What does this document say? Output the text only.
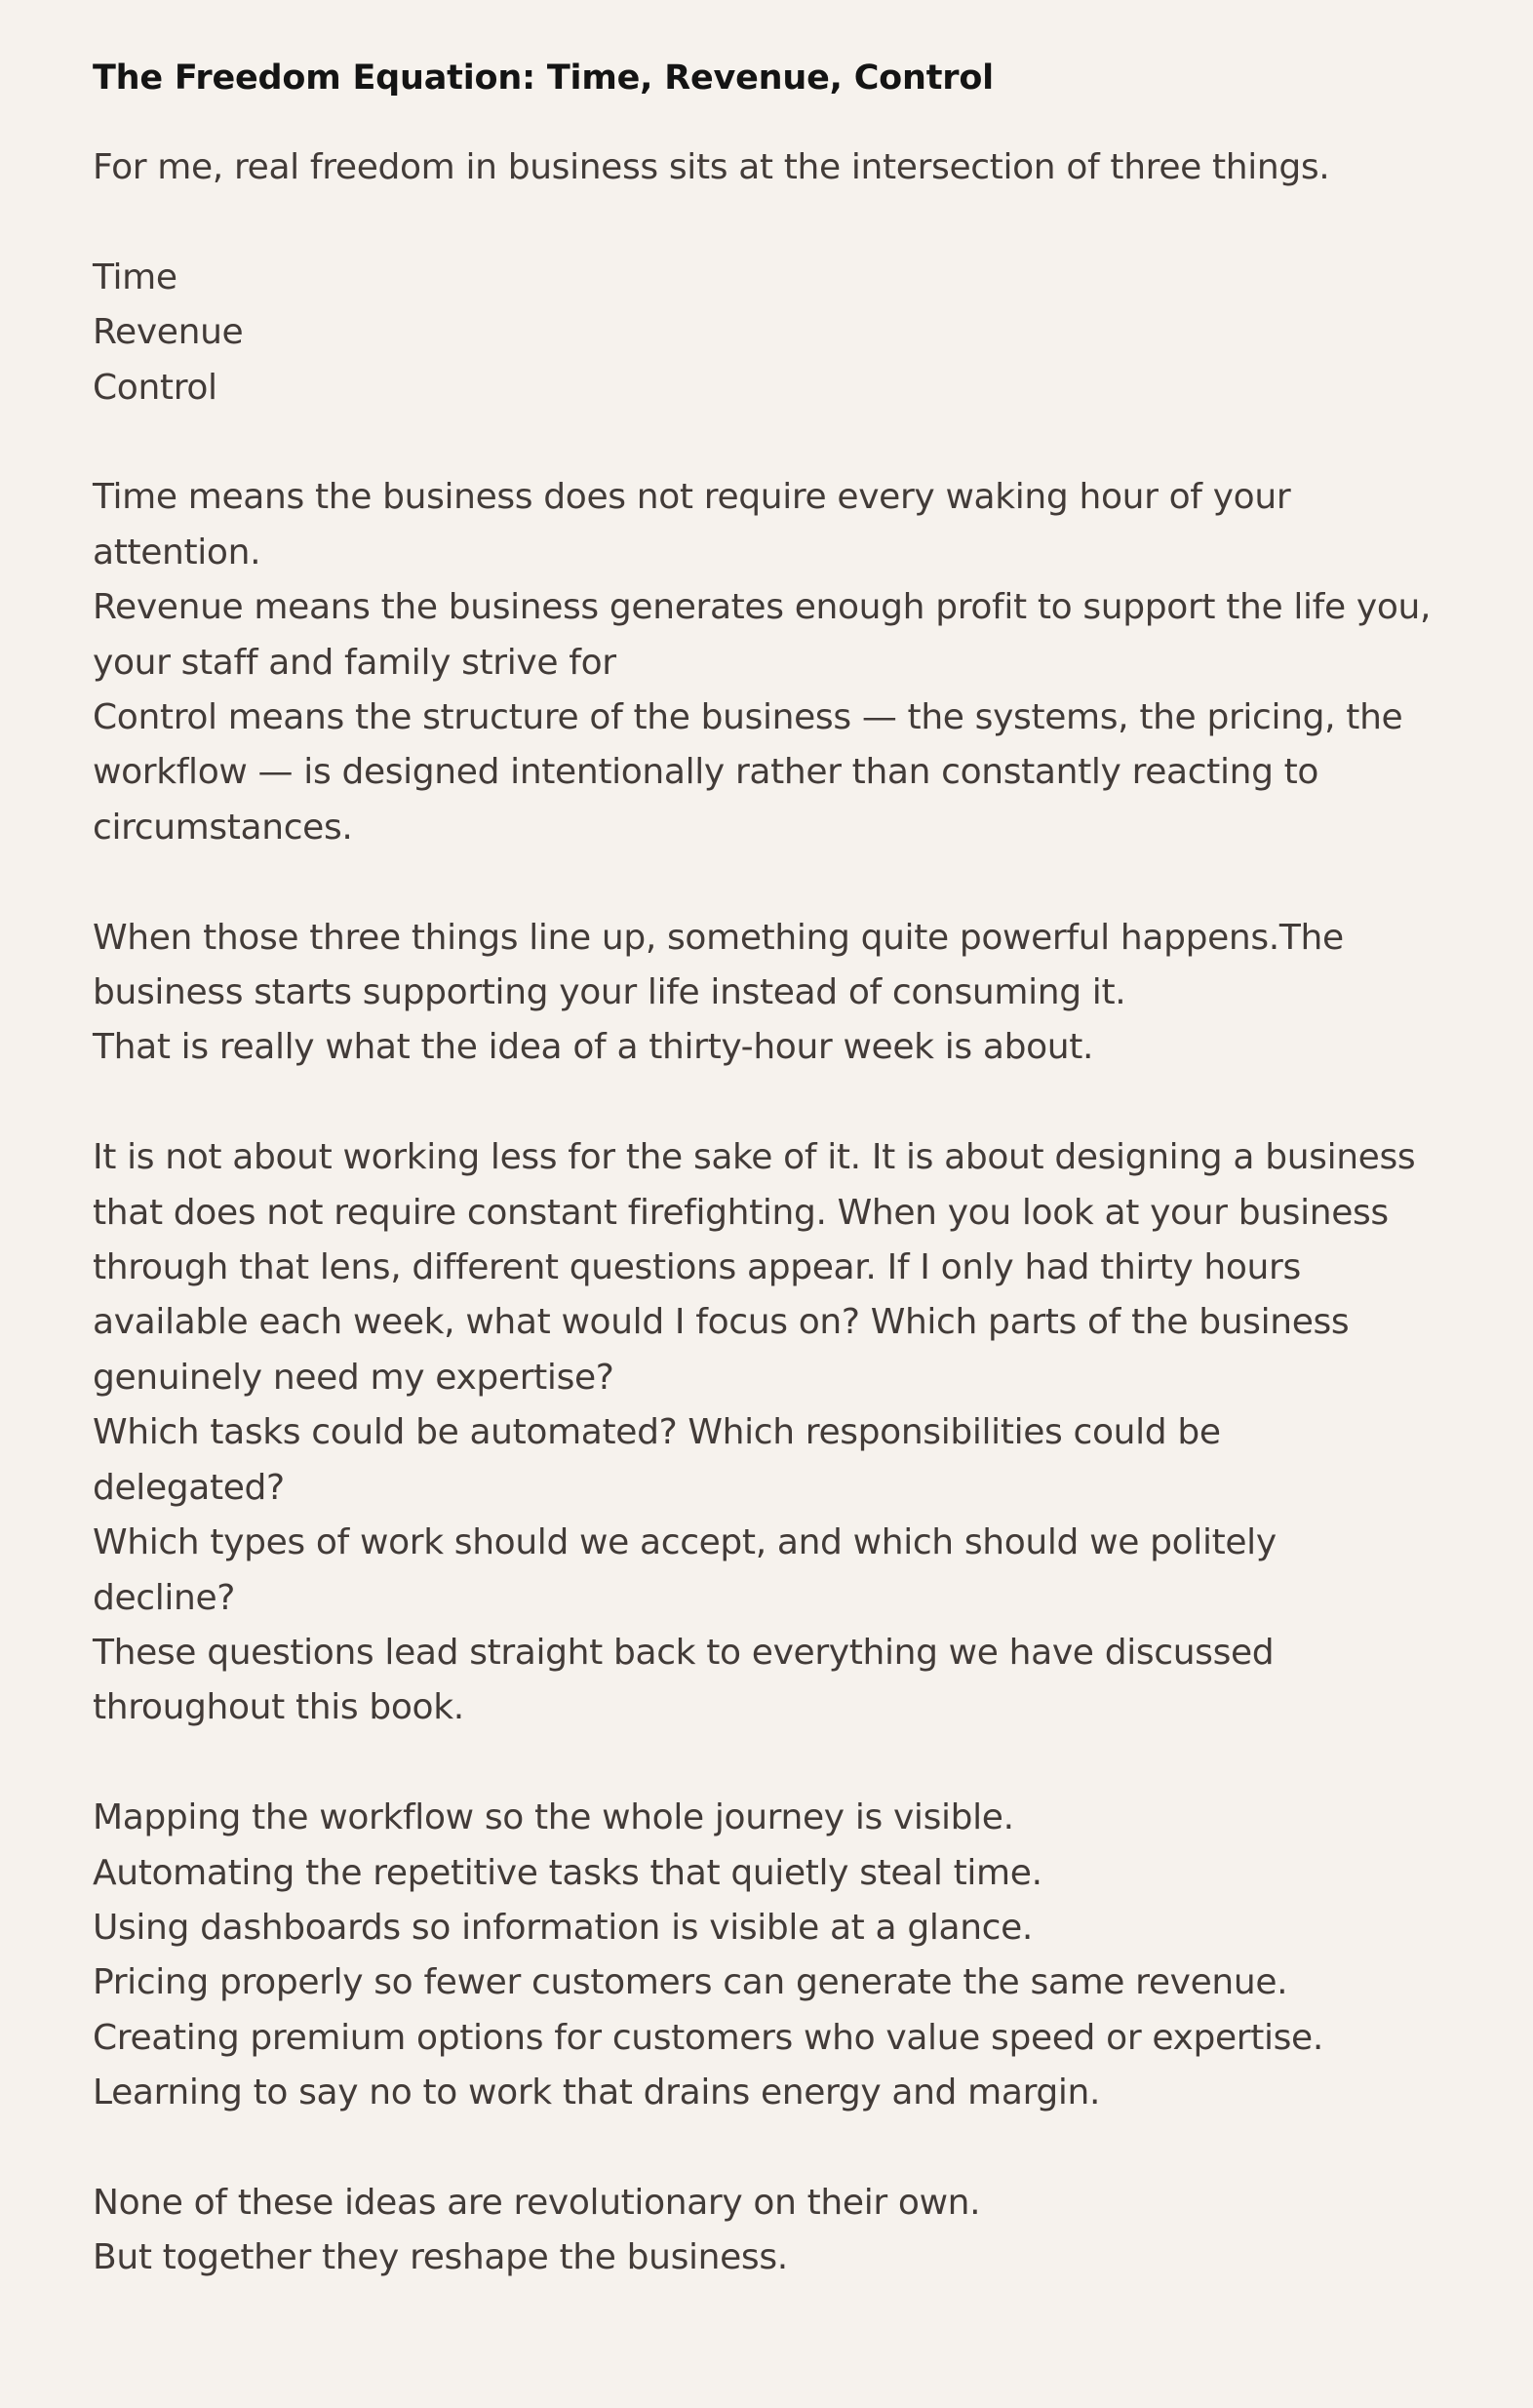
The Freedom Equation: Time, Revenue, Control

For me, real freedom in business sits at the intersection of three things.

Time
Revenue
Control

Time means the business does not require every waking hour of your
attention.
Revenue means the business generates enough profit to support the life you,
your staff and family strive for
Control means the structure of the business — the systems, the pricing, the
workflow — is designed intentionally rather than constantly reacting to
circumstances.

When those three things line up, something quite powerful happens.The
business starts supporting your life instead of consuming it.
That is really what the idea of a thirty-hour week is about.

It is not about working less for the sake of it. It is about designing a business
that does not require constant firefighting. When you look at your business
through that lens, different questions appear. If I only had thirty hours
available each week, what would I focus on? Which parts of the business
genuinely need my expertise?
Which tasks could be automated? Which responsibilities could be
delegated?
Which types of work should we accept, and which should we politely
decline?
These questions lead straight back to everything we have discussed
throughout this book.

Mapping the workflow so the whole journey is visible.
Automating the repetitive tasks that quietly steal time.
Using dashboards so information is visible at a glance.
Pricing properly so fewer customers can generate the same revenue.
Creating premium options for customers who value speed or expertise.
Learning to say no to work that drains energy and margin.

None of these ideas are revolutionary on their own.
But together they reshape the business.
